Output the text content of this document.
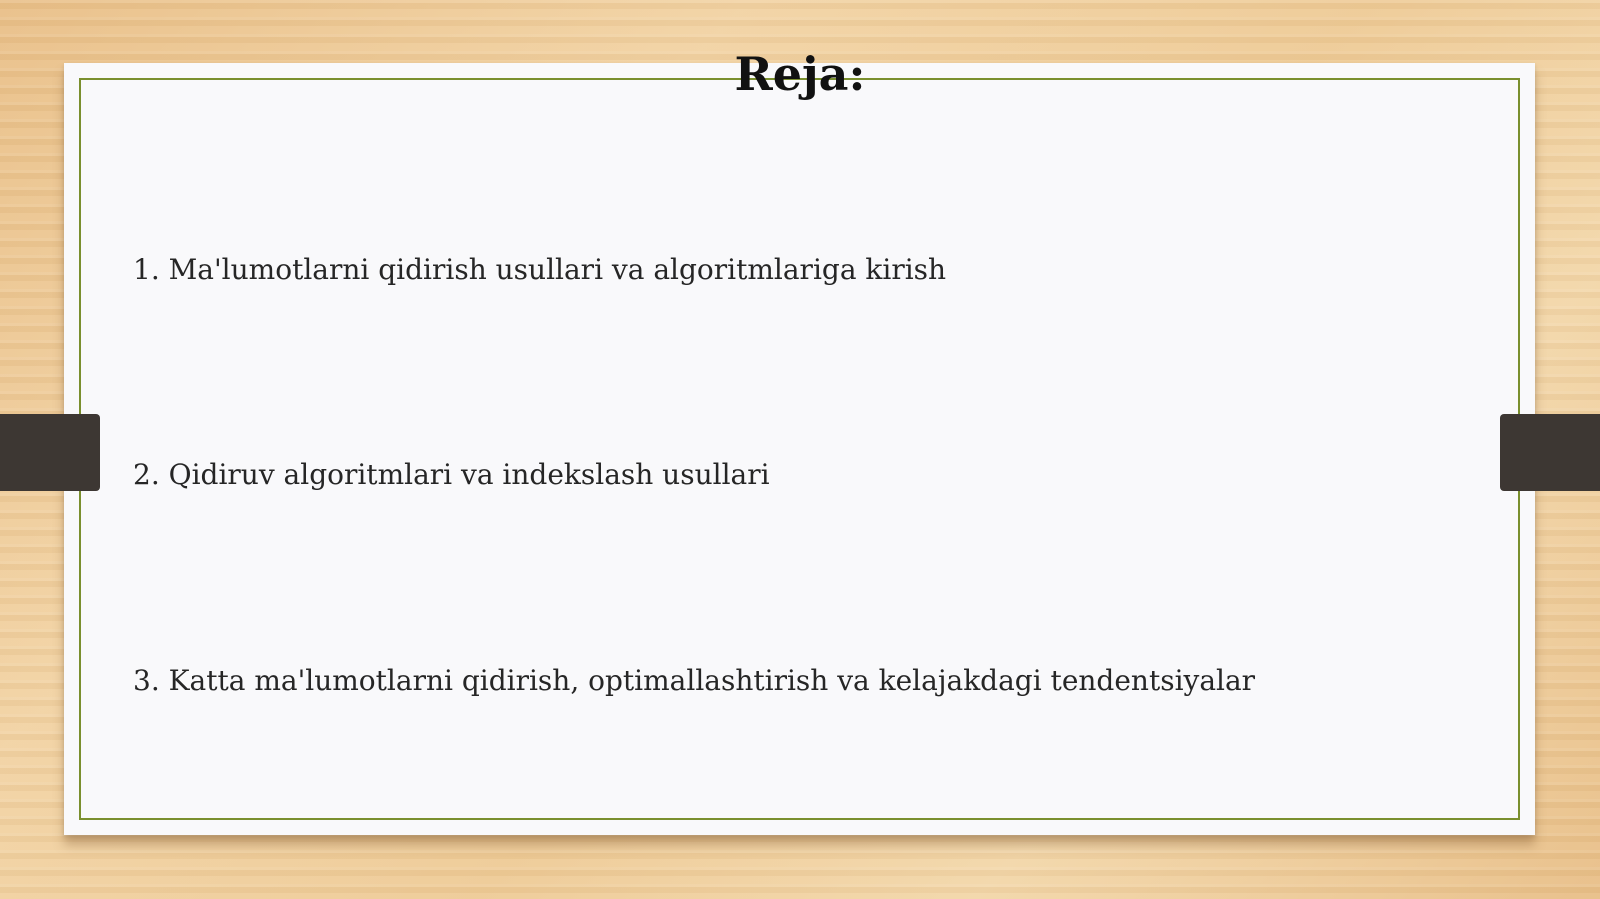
Reja:
1. Ma'lumotlarni qidirish usullari va algoritmlariga kirish
2. Qidiruv algoritmlari va indekslash usullari
3. Katta ma'lumotlarni qidirish, optimallashtirish va kelajakdagi tendentsiyalar
